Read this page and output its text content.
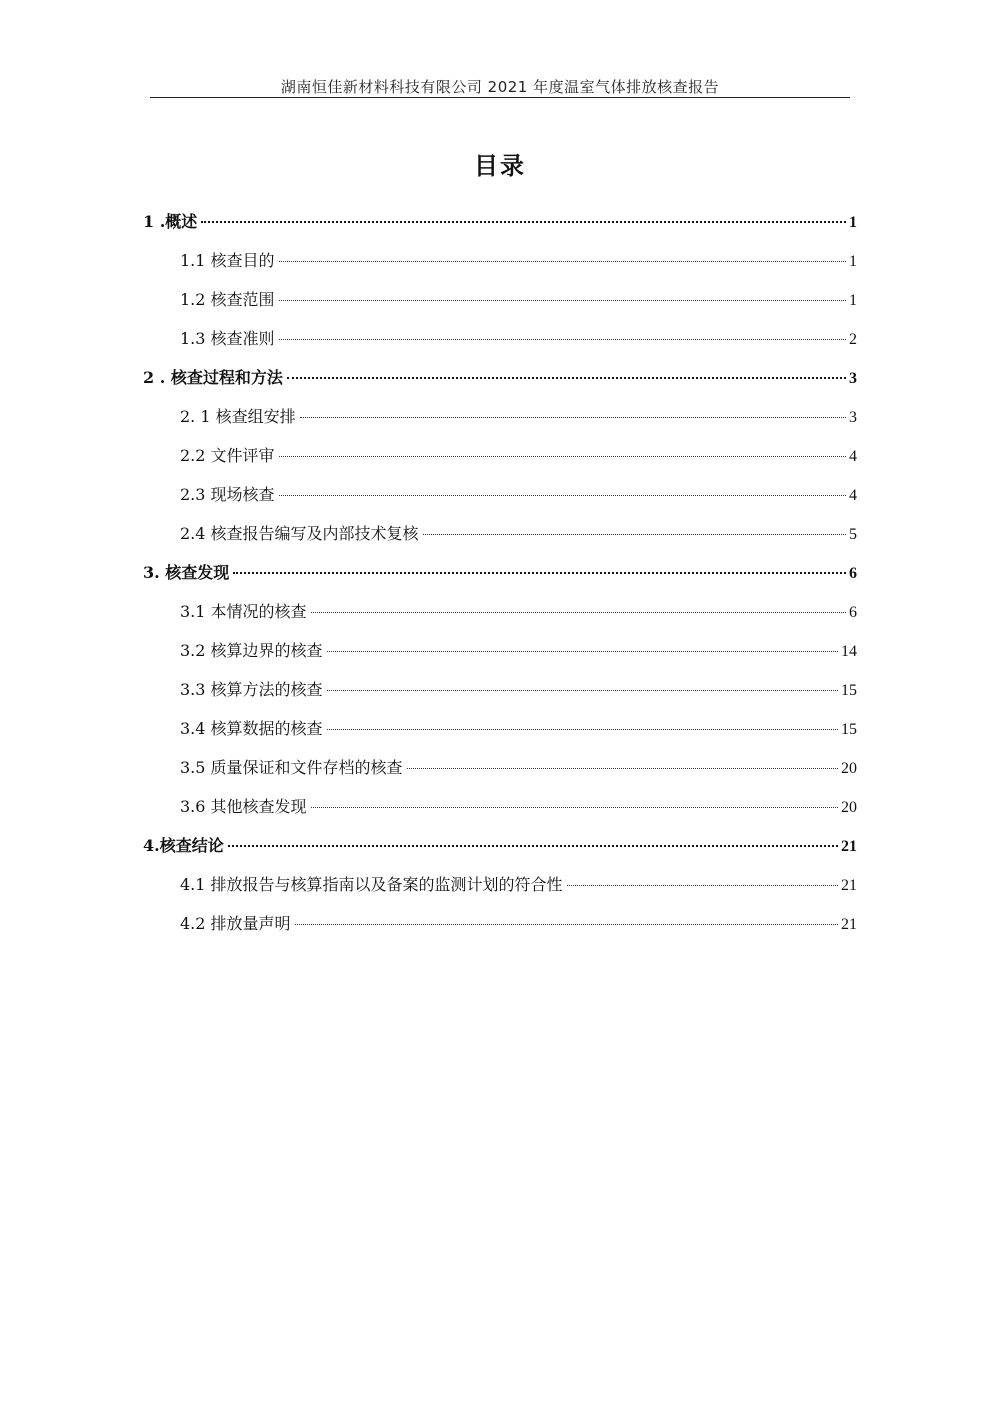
湖南恒佳新材料科技有限公司 2021 年度温室气体排放核查报告
目录
1 .概述	1
1.1 核查目的	1
1.2 核查范围	1
1.3 核查准则	2
2 . 核查过程和方法	3
2. 1 核查组安排	3
2.2 文件评审	4
2.3 现场核查	4
2.4 核查报告编写及内部技术复核	5
3. 核查发现	6
3.1 本情况的核查	6
3.2 核算边界的核查	14
3.3 核算方法的核查	15
3.4 核算数据的核查	15
3.5 质量保证和文件存档的核查	20
3.6 其他核查发现	20
4.核查结论	21
4.1 排放报告与核算指南以及备案的监测计划的符合性	21
4.2 排放量声明	21
